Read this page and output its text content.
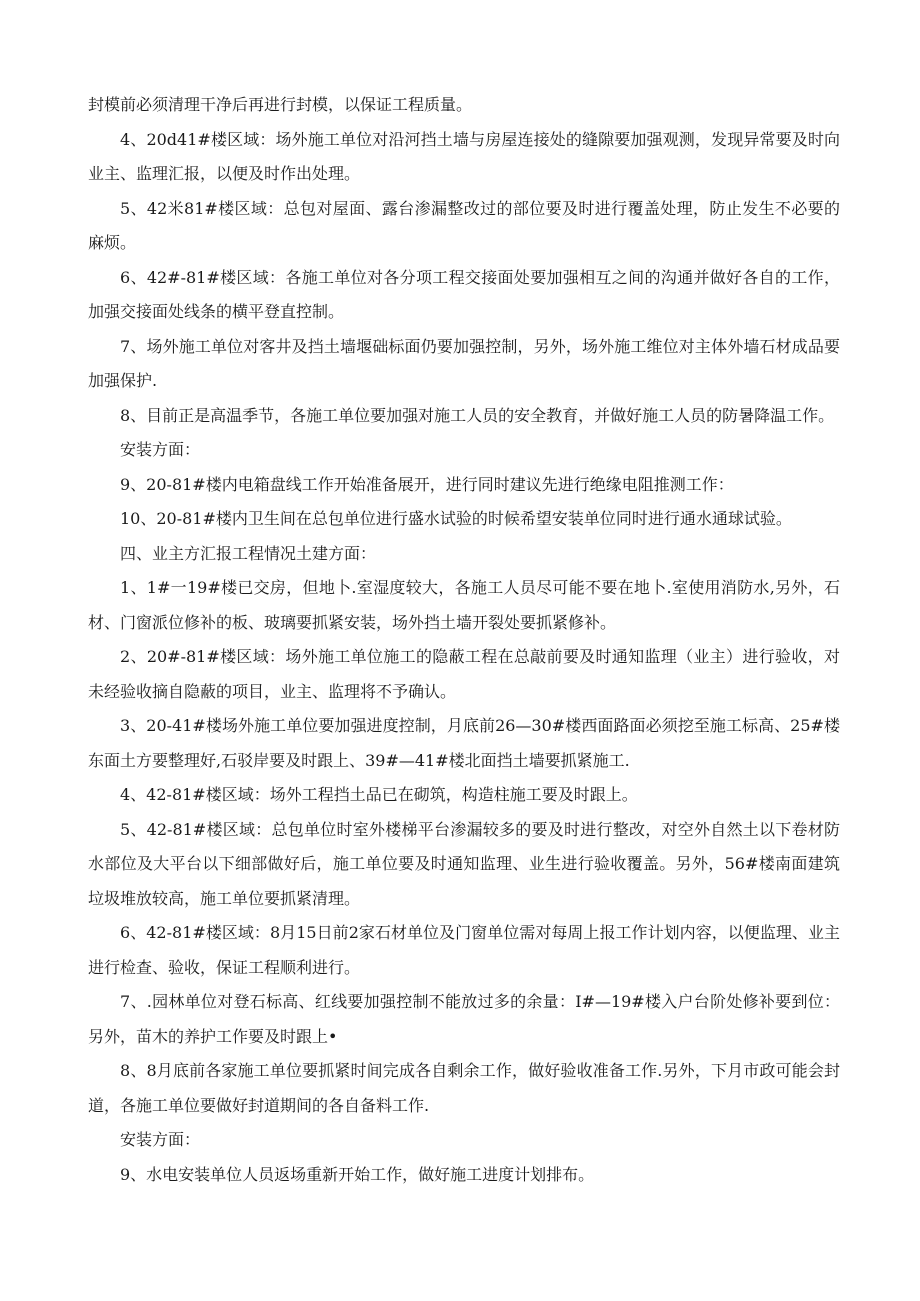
封模前必须清理干净后再进行封模，以保证工程质量。

4、20d41#楼区域：场外施工单位对沿河挡土墙与房屋连接处的缝隙要加强观测，发现异常要及时向业主、监理汇报，以便及时作出处理。

5、42米81#楼区域：总包对屋面、露台渗漏整改过的部位要及时进行覆盖处理，防止发生不必要的麻烦。

6、42#-81#楼区域：各施工单位对各分项工程交接面处要加强相互之间的沟通并做好各自的工作，加强交接面处线条的横平登直控制。

7、场外施工单位对客井及挡土墙堰础标面仍要加强控制，另外，场外施工维位对主体外墙石材成品要加强保护.

8、目前正是高温季节，各施工单位要加强对施工人员的安全教育，并做好施工人员的防暑降温工作。

安装方面：

9、20-81#楼内电箱盘线工作开始准备展开，进行同时建议先进行绝缘电阻推测工作：

10、20-81#楼内卫生间在总包单位进行盛水试验的时候希望安装单位同时进行通水通球试验。

四、业主方汇报工程情况土建方面：

1、1#一19#楼已交房，但地卜.室湿度较大，各施工人员尽可能不要在地卜.室使用消防水,另外，石材、门窗派位修补的板、玻璃要抓紧安装，场外挡土墙开裂处要抓紧修补。

2、20#-81#楼区域：场外施工单位施工的隐蔽工程在总敲前要及时通知监理（业主）进行验收，对未经验收摘自隐蔽的项目，业主、监理将不予确认。

3、20-41#楼场外施工单位要加强进度控制，月底前26—30#楼西面路面必须挖至施工标高、25#楼东面土方要整理好,石驳岸要及时跟上、39#—41#楼北面挡土墙要抓紧施工.

4、42-81#楼区域：场外工程挡土品已在砌筑，构造柱施工要及时跟上。

5、42-81#楼区域：总包单位时室外楼梯平台渗漏较多的要及时进行整改，对空外自然土以下卷材防水部位及大平台以下细部做好后，施工单位要及时通知监理、业生进行验收覆盖。另外，56#楼南面建筑垃圾堆放较高，施工单位要抓紧清理。

6、42-81#楼区域：8月15日前2家石材单位及门窗单位需对每周上报工作计划内容，以便监理、业主进行检查、验收，保证工程顺利进行。

7、.园林单位对登石标高、红线要加强控制不能放过多的余量：I#—19#楼入户台阶处修补要到位：另外，苗木的养护工作要及时跟上•

8、8月底前各家施工单位要抓紧时间完成各自剩余工作，做好验收准备工作.另外，下月市政可能会封道，各施工单位要做好封道期间的各自备料工作.

安装方面：

9、水电安装单位人员返场重新开始工作，做好施工进度计划排布。
